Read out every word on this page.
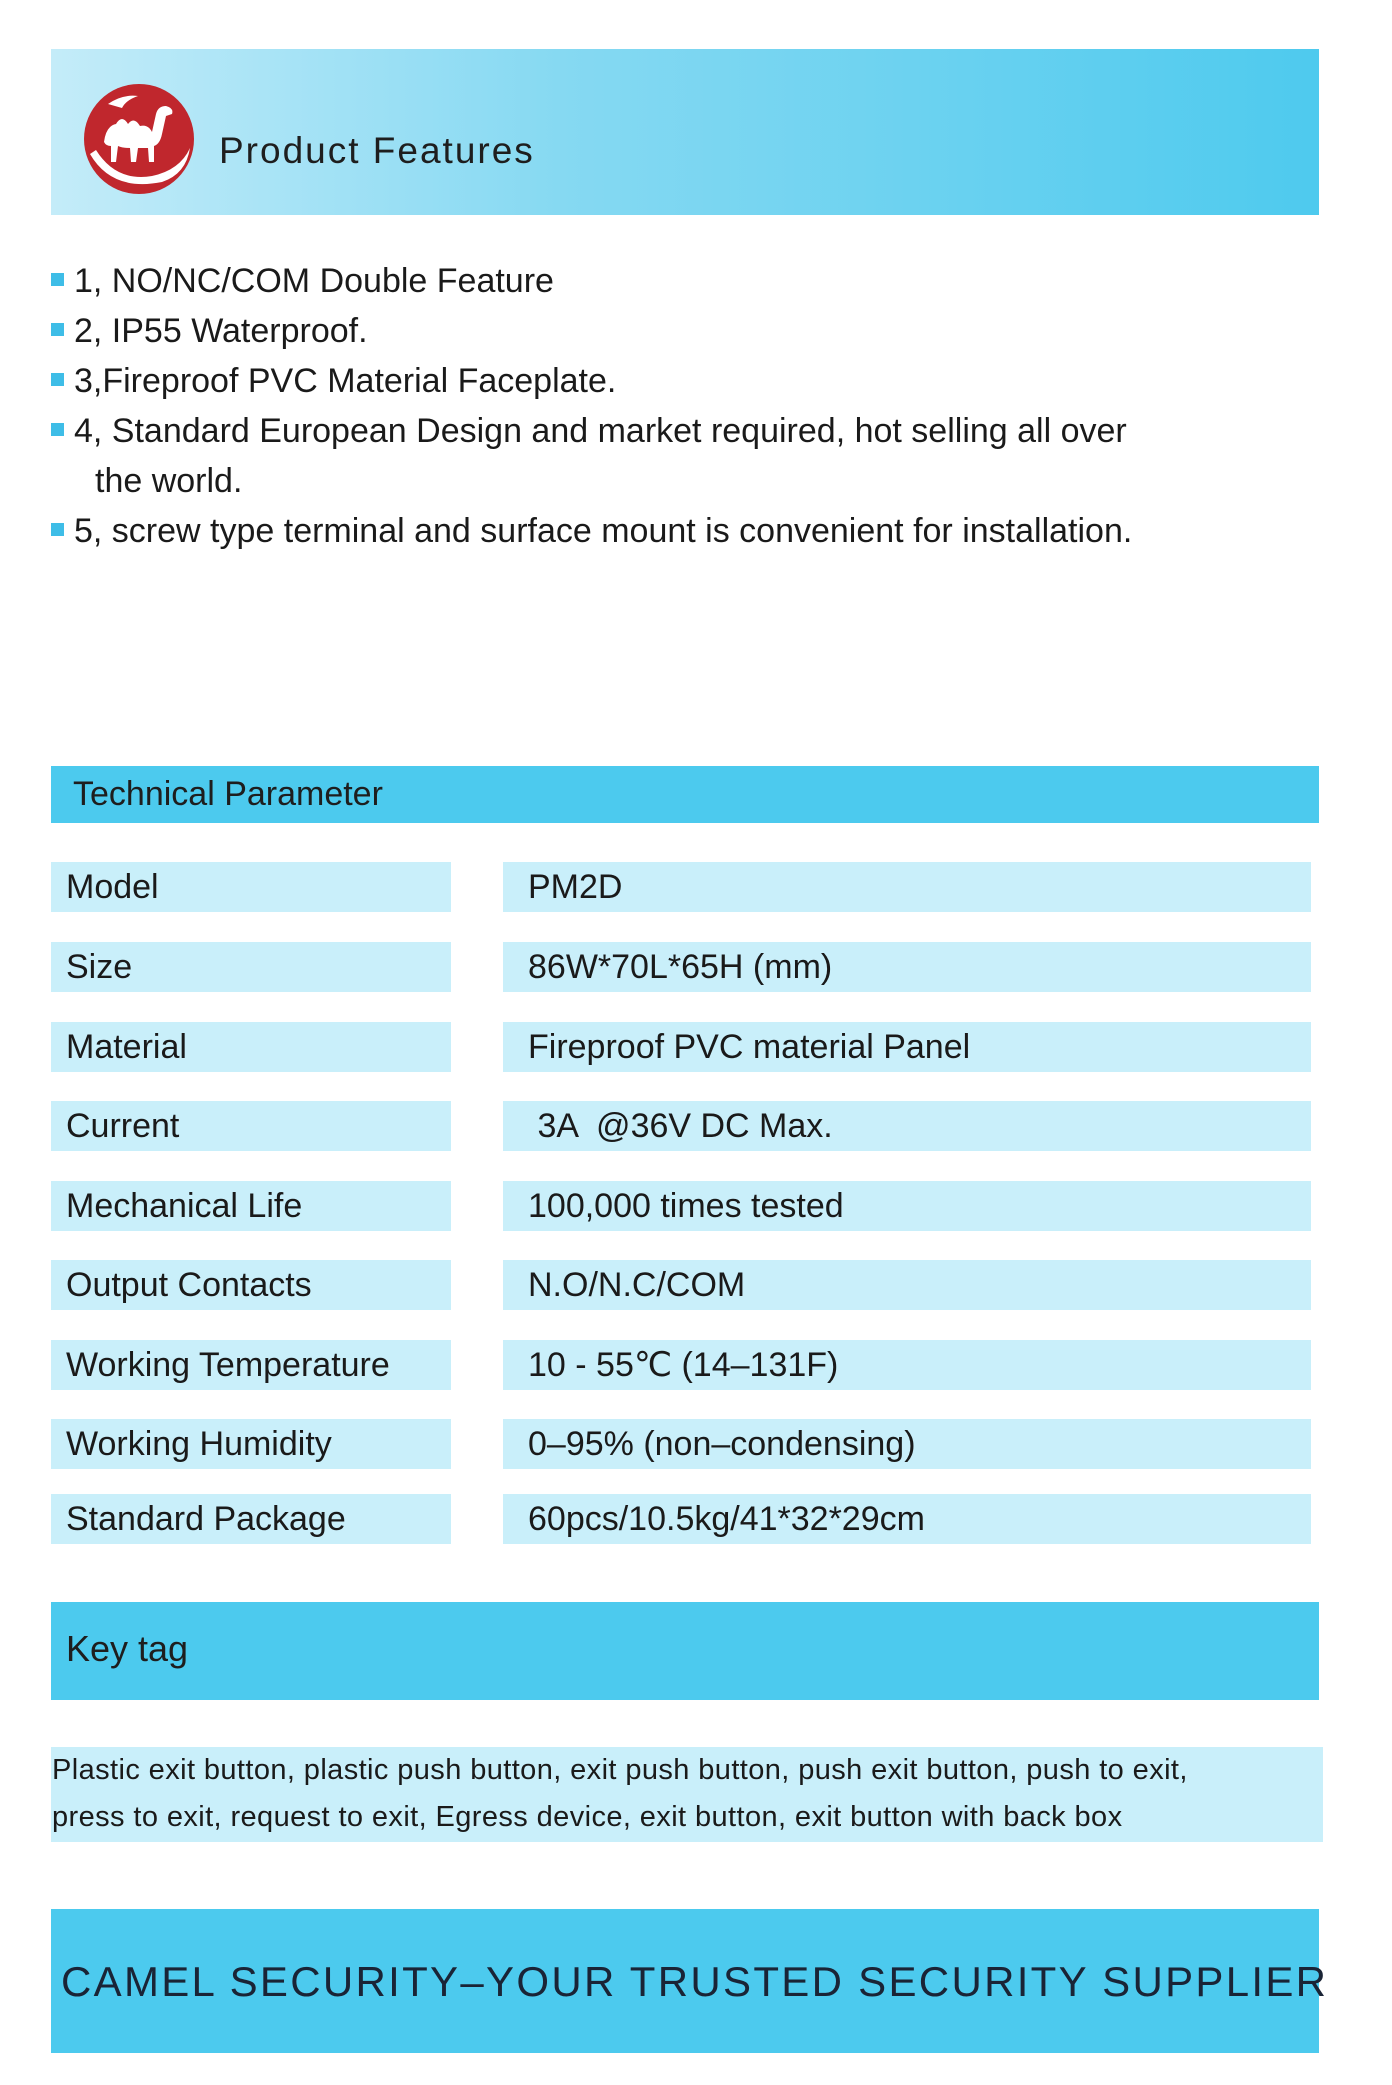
Product Features
1, NO/NC/COM Double Feature
2, IP55 Waterproof.
3,Fireproof PVC Material Faceplate.
4, Standard European Design and market required, hot selling all over
the world.
5, screw type terminal and surface mount is convenient for installation.
Technical Parameter
Model	PM2D
Size	86W*70L*65H (mm)
Material	Fireproof PVC material Panel
Current	3A  @36V DC Max.
Mechanical Life	100,000 times tested
Output Contacts	N.O/N.C/COM
Working Temperature	10 - 55℃ (14–131F)
Working Humidity	0–95% (non–condensing)
Standard Package	60pcs/10.5kg/41*32*29cm
Key tag

Plastic exit button, plastic push button, exit push button, push exit button, push to exit,

press to exit, request to exit, Egress device, exit button, exit button with back box

CAMEL SECURITY–YOUR TRUSTED SECURITY SUPPLIER
